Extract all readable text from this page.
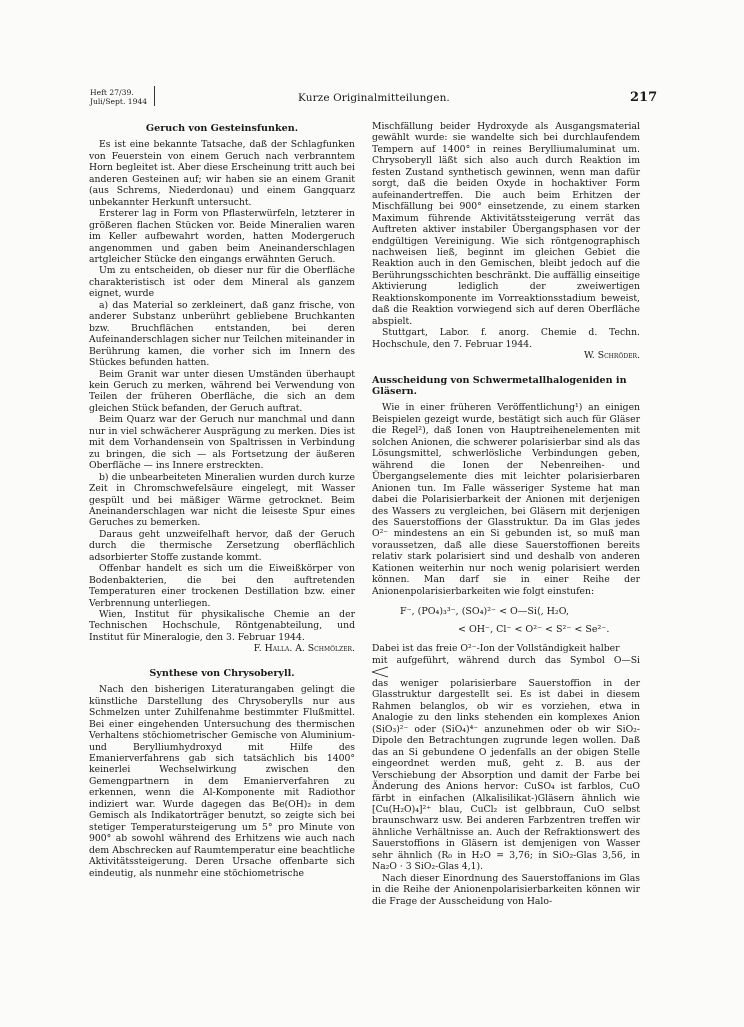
Heft 27/39.
Juli/Sept. 1944	Kurze Originalmitteilungen.	217
Geruch von Gesteinsfunken.

Es ist eine bekannte Tatsache, daß der Schlagfunken von Feuerstein von einem Geruch nach verbranntem Horn begleitet ist. Aber diese Erscheinung tritt auch bei anderen Gesteinen auf; wir haben sie an einem Granit (aus Schrems, Niederdonau) und einem Gangquarz unbekannter Herkunft untersucht.

Ersterer lag in Form von Pflasterwürfeln, letzterer in größeren flachen Stücken vor. Beide Mineralien waren im Keller aufbewahrt worden, hatten Modergeruch angenommen und gaben beim Aneinanderschlagen artgleicher Stücke den eingangs erwähnten Geruch.

Um zu entscheiden, ob dieser nur für die Oberfläche charakteristisch ist oder dem Mineral als ganzem eignet, wurde

a) das Material so zerkleinert, daß ganz frische, von anderer Substanz unberührt gebliebene Bruchkanten bzw. Bruchflächen entstanden, bei deren Aufeinanderschlagen sicher nur Teilchen miteinander in Berührung kamen, die vorher sich im Innern des Stückes befunden hatten.

Beim Granit war unter diesen Umständen überhaupt kein Geruch zu merken, während bei Verwendung von Teilen der früheren Oberfläche, die sich an dem gleichen Stück befanden, der Geruch auftrat.

Beim Quarz war der Geruch nur manchmal und dann nur in viel schwächerer Ausprägung zu merken. Dies ist mit dem Vorhandensein von Spaltrissen in Verbindung zu bringen, die sich — als Fortsetzung der äußeren Oberfläche — ins Innere erstreckten.

b) die unbearbeiteten Mineralien wurden durch kurze Zeit in Chromschwefelsäure eingelegt, mit Wasser gespült und bei mäßiger Wärme getrocknet. Beim Aneinanderschlagen war nicht die leiseste Spur eines Geruches zu bemerken.

Daraus geht unzweifelhaft hervor, daß der Geruch durch die thermische Zersetzung oberflächlich adsorbierter Stoffe zustande kommt.

Offenbar handelt es sich um die Eiweißkörper von Bodenbakterien, die bei den auftretenden Temperaturen einer trockenen Destillation bzw. einer Verbrennung unterliegen.

Wien, Institut für physikalische Chemie an der Technischen Hochschule, Röntgenabteilung, und Institut für Mineralogie, den 3. Februar 1944.

F. Halla. A. Schmölzer.

Synthese von Chrysoberyll.

Nach den bisherigen Literaturangaben gelingt die künstliche Darstellung des Chrysoberylls nur aus Schmelzen unter Zuhilfenahme bestimmter Flußmittel. Bei einer eingehenden Untersuchung des thermischen Verhaltens stöchiometrischer Gemische von Aluminium- und Berylliumhydroxyd mit Hilfe des Emanierverfahrens gab sich tatsächlich bis 1400° keinerlei Wechselwirkung zwischen den Gemengpartnern in dem Emanierverfahren zu erkennen, wenn die Al-Komponente mit Radiothor indiziert war. Wurde dagegen das Be(OH)₂ in dem Gemisch als Indikatorträger benutzt, so zeigte sich bei stetiger Temperatursteigerung um 5° pro Minute von 900° ab sowohl während des Erhitzens wie auch nach dem Abschrecken auf Raumtemperatur eine beachtliche Aktivitätssteigerung. Deren Ursache offenbarte sich eindeutig, als nunmehr eine stöchiometrische

Mischfällung beider Hydroxyde als Ausgangsmaterial gewählt wurde: sie wandelte sich bei durchlaufendem Tempern auf 1400° in reines Berylliumaluminat um. Chrysoberyll läßt sich also auch durch Reaktion im festen Zustand synthetisch gewinnen, wenn man dafür sorgt, daß die beiden Oxyde in hochaktiver Form aufeinandertreffen. Die auch beim Erhitzen der Mischfällung bei 900° einsetzende, zu einem starken Maximum führende Aktivitätssteigerung verrät das Auftreten aktiver instabiler Übergangsphasen vor der endgültigen Vereinigung. Wie sich röntgenographisch nachweisen ließ, beginnt im gleichen Gebiet die Reaktion auch in den Gemischen, bleibt jedoch auf die Berührungsschichten beschränkt. Die auffällig einseitige Aktivierung lediglich der zweiwertigen Reaktionskomponente im Vorreaktionsstadium beweist, daß die Reaktion vorwiegend sich auf deren Oberfläche abspielt.

Stuttgart, Labor. f. anorg. Chemie d. Techn. Hochschule, den 7. Februar 1944.

W. Schröder.

Ausscheidung von Schwermetallhalogeniden in Gläsern.

Wie in einer früheren Veröffentlichung¹) an einigen Beispielen gezeigt wurde, bestätigt sich auch für Gläser die Regel²), daß Ionen von Hauptreihenelementen mit solchen Anionen, die schwerer polarisierbar sind als das Lösungsmittel, schwerlösliche Verbindungen geben, während die Ionen der Nebenreihen- und Übergangselemente dies mit leichter polarisierbaren Anionen tun. Im Falle wässeriger Systeme hat man dabei die Polarisierbarkeit der Anionen mit derjenigen des Wassers zu vergleichen, bei Gläsern mit derjenigen des Sauerstoffions der Glasstruktur. Da im Glas jedes O²⁻ mindestens an ein Si gebunden ist, so muß man voraussetzen, daß alle diese Sauerstoffionen bereits relativ stark polarisiert sind und deshalb von anderen Kationen weiterhin nur noch wenig polarisiert werden können. Man darf sie in einer Reihe der Anionenpolarisierbarkeiten wie folgt einstufen:

F⁻, (PO₄)₃³⁻, (SO₄)²⁻ < O—Si⟨, H₂O,
< OH⁻, Cl⁻ < O²⁻ < S²⁻ < Se²⁻.

Dabei ist das freie O²⁻-Ion der Vollständigkeit halber

mit aufgeführt, während durch das Symbol O—Si

das weniger polarisierbare Sauerstoffion in der Glasstruktur dargestellt sei. Es ist dabei in diesem Rahmen belanglos, ob wir es vorziehen, etwa in Analogie zu den links stehenden ein komplexes Anion (SiO₃)²⁻ oder (SiO₄)⁴⁻ anzunehmen oder ob wir SiO₂-Dipole den Betrachtungen zugrunde legen wollen. Daß das an Si gebundene O jedenfalls an der obigen Stelle eingeordnet werden muß, geht z. B. aus der Verschiebung der Absorption und damit der Farbe bei Änderung des Anions hervor: CuSO₄ ist farblos, CuO färbt in einfachen (Alkalisilikat-)Gläsern ähnlich wie [Cu(H₂O)₄]²⁺ blau, CuCl₂ ist gelbbraun, CuO selbst braunschwarz usw. Bei anderen Farbzentren treffen wir ähnliche Verhältnisse an. Auch der Refraktionswert des Sauerstoffions in Gläsern ist demjenigen von Wasser sehr ähnlich (R₀ in H₂O = 3,76; in SiO₂-Glas 3,56, in Na₂O · 3 SiO₂-Glas 4,1).

Nach dieser Einordnung des Sauerstoffanions im Glas in die Reihe der Anionenpolarisierbarkeiten können wir die Frage der Ausscheidung von Halo-
